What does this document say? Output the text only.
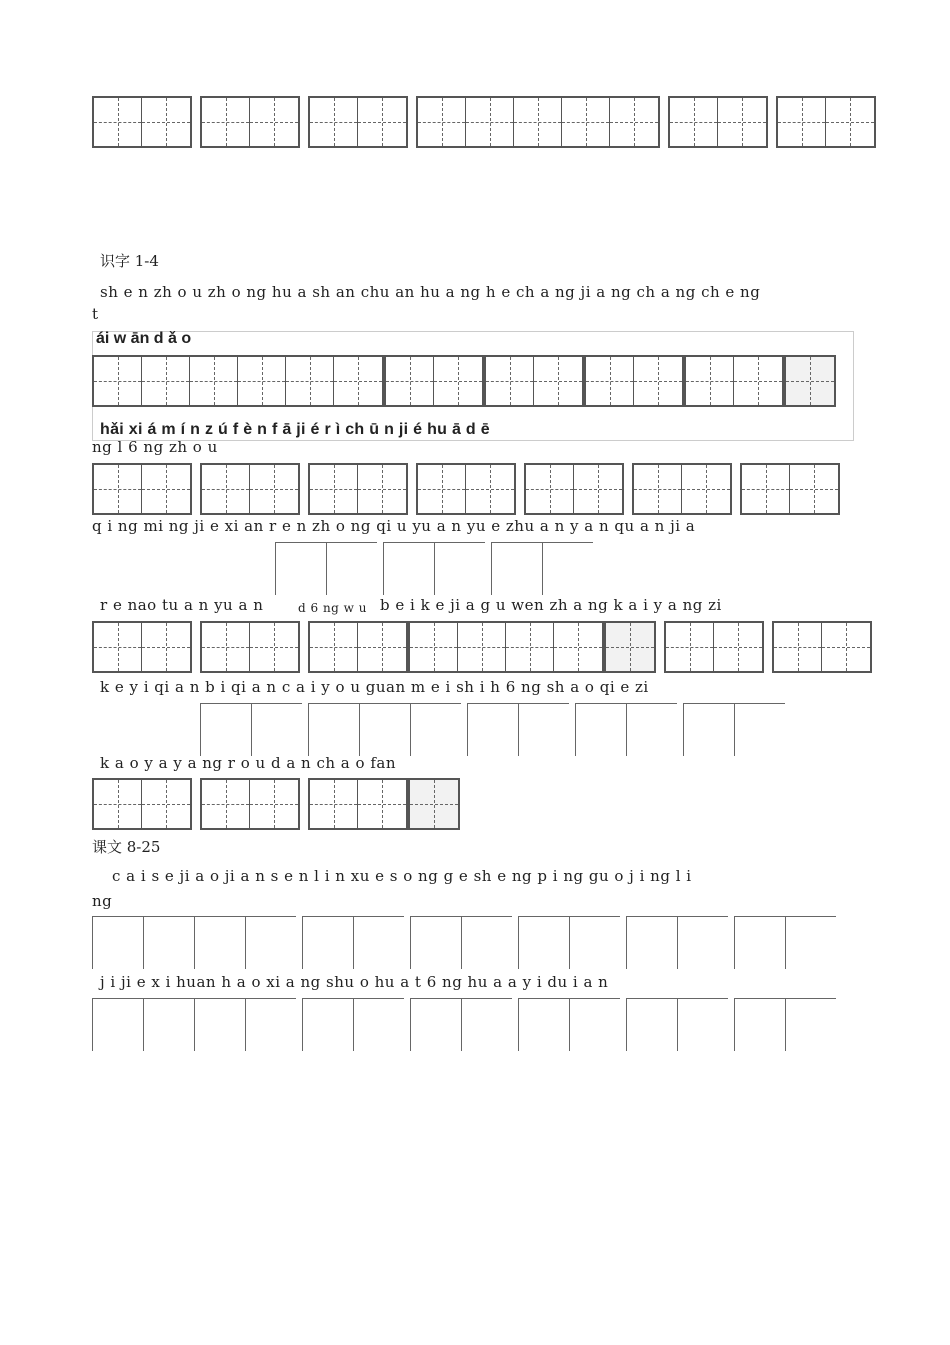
识字 1-4
sh e n zh o u zh o ng hu a sh an chu an hu a ng h e ch a ng ji a ng ch a ng ch e ng
t
ái w ān d ǎ o
hǎi xi á m í n z ú f è n f ā ji é r ì ch ū n ji é hu ā d ē
ng l 6 ng zh o u
q i ng mi ng ji e xi an r e n zh o ng qi u yu a n yu e zhu a n y a n qu a n ji a
r e nao tu a n yu a n	d 6 ng w u b e i k e ji a g u wen zh a ng k a i y a ng zi
k e y i qi a n b i qi a n c a i y o u guan m e i sh i h 6 ng sh a o qi e zi
k a o y a y a ng r o u d a n ch a o fan
课文 8-25
c a i s e ji a o ji a n s e n l i n xu e s o ng g e sh e ng p i ng gu o j i ng l i
ng
j i ji e x i huan h a o xi a ng shu o hu a t 6 ng hu a a y i du i a n
